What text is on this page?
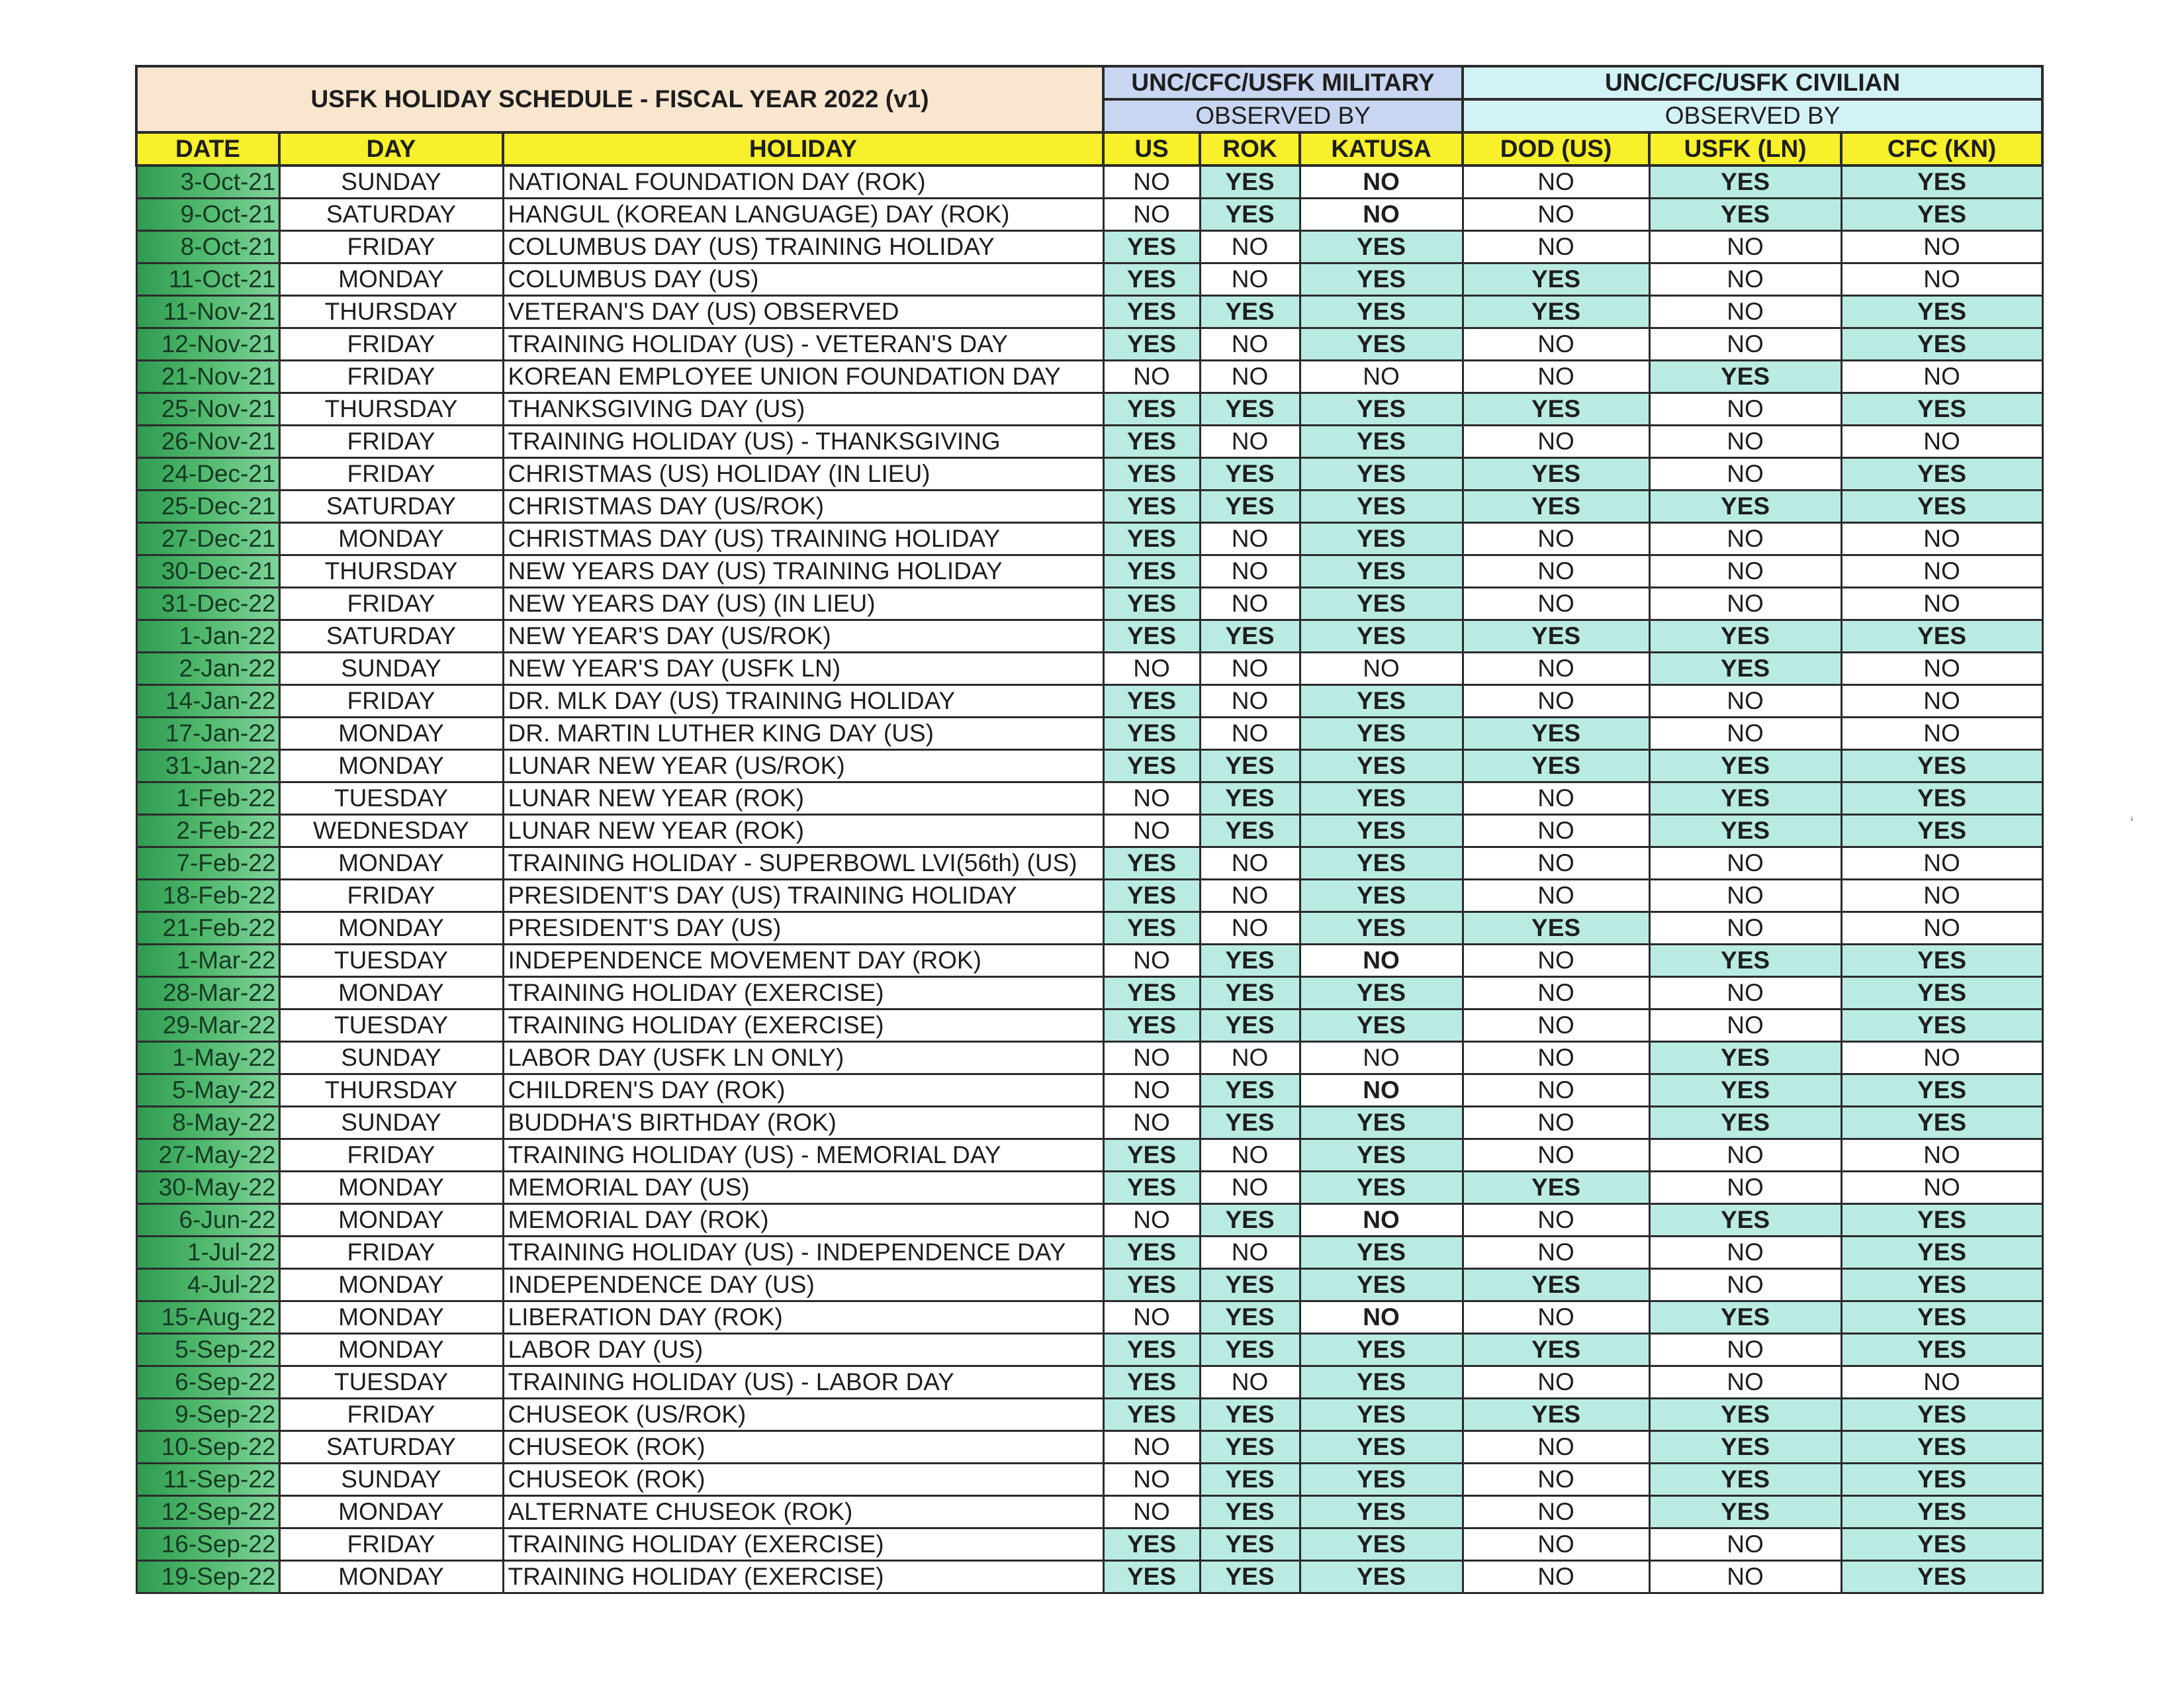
USFK HOLIDAY SCHEDULE - FISCAL YEAR 2022 (v1)			UNC/CFC/USFK MILITARY			UNC/CFC/USFK CIVILIAN		
			OBSERVED BY			OBSERVED BY		
DATE	DAY	HOLIDAY	US	ROK	KATUSA	DOD (US)	USFK (LN)	CFC (KN)
3-Oct-21	SUNDAY	NATIONAL FOUNDATION DAY (ROK)	NO	YES	NO	NO	YES	YES
9-Oct-21	SATURDAY	HANGUL (KOREAN LANGUAGE) DAY (ROK)	NO	YES	NO	NO	YES	YES
8-Oct-21	FRIDAY	COLUMBUS DAY (US) TRAINING HOLIDAY	YES	NO	YES	NO	NO	NO
11-Oct-21	MONDAY	COLUMBUS DAY (US)	YES	NO	YES	YES	NO	NO
11-Nov-21	THURSDAY	VETERAN'S DAY (US) OBSERVED	YES	YES	YES	YES	NO	YES
12-Nov-21	FRIDAY	TRAINING HOLIDAY (US) - VETERAN'S DAY	YES	NO	YES	NO	NO	YES
21-Nov-21	FRIDAY	KOREAN EMPLOYEE UNION FOUNDATION DAY	NO	NO	NO	NO	YES	NO
25-Nov-21	THURSDAY	THANKSGIVING DAY (US)	YES	YES	YES	YES	NO	YES
26-Nov-21	FRIDAY	TRAINING HOLIDAY (US) - THANKSGIVING	YES	NO	YES	NO	NO	NO
24-Dec-21	FRIDAY	CHRISTMAS (US) HOLIDAY (IN LIEU)	YES	YES	YES	YES	NO	YES
25-Dec-21	SATURDAY	CHRISTMAS DAY (US/ROK)	YES	YES	YES	YES	YES	YES
27-Dec-21	MONDAY	CHRISTMAS DAY (US) TRAINING HOLIDAY	YES	NO	YES	NO	NO	NO
30-Dec-21	THURSDAY	NEW YEARS DAY (US) TRAINING HOLIDAY	YES	NO	YES	NO	NO	NO
31-Dec-22	FRIDAY	NEW YEARS DAY (US) (IN LIEU)	YES	NO	YES	NO	NO	NO
1-Jan-22	SATURDAY	NEW YEAR'S DAY (US/ROK)	YES	YES	YES	YES	YES	YES
2-Jan-22	SUNDAY	NEW YEAR'S DAY (USFK LN)	NO	NO	NO	NO	YES	NO
14-Jan-22	FRIDAY	DR. MLK DAY (US) TRAINING HOLIDAY	YES	NO	YES	NO	NO	NO
17-Jan-22	MONDAY	DR. MARTIN LUTHER KING DAY (US)	YES	NO	YES	YES	NO	NO
31-Jan-22	MONDAY	LUNAR NEW YEAR (US/ROK)	YES	YES	YES	YES	YES	YES
1-Feb-22	TUESDAY	LUNAR NEW YEAR (ROK)	NO	YES	YES	NO	YES	YES
2-Feb-22	WEDNESDAY	LUNAR NEW YEAR (ROK)	NO	YES	YES	NO	YES	YES
7-Feb-22	MONDAY	TRAINING HOLIDAY - SUPERBOWL LVI(56th) (US)	YES	NO	YES	NO	NO	NO
18-Feb-22	FRIDAY	PRESIDENT'S DAY (US) TRAINING HOLIDAY	YES	NO	YES	NO	NO	NO
21-Feb-22	MONDAY	PRESIDENT'S DAY (US)	YES	NO	YES	YES	NO	NO
1-Mar-22	TUESDAY	INDEPENDENCE MOVEMENT DAY (ROK)	NO	YES	NO	NO	YES	YES
28-Mar-22	MONDAY	TRAINING HOLIDAY (EXERCISE)	YES	YES	YES	NO	NO	YES
29-Mar-22	TUESDAY	TRAINING HOLIDAY (EXERCISE)	YES	YES	YES	NO	NO	YES
1-May-22	SUNDAY	LABOR DAY (USFK LN ONLY)	NO	NO	NO	NO	YES	NO
5-May-22	THURSDAY	CHILDREN'S DAY (ROK)	NO	YES	NO	NO	YES	YES
8-May-22	SUNDAY	BUDDHA'S BIRTHDAY (ROK)	NO	YES	YES	NO	YES	YES
27-May-22	FRIDAY	TRAINING HOLIDAY (US) - MEMORIAL DAY	YES	NO	YES	NO	NO	NO
30-May-22	MONDAY	MEMORIAL DAY (US)	YES	NO	YES	YES	NO	NO
6-Jun-22	MONDAY	MEMORIAL DAY (ROK)	NO	YES	NO	NO	YES	YES
1-Jul-22	FRIDAY	TRAINING HOLIDAY (US) - INDEPENDENCE DAY	YES	NO	YES	NO	NO	YES
4-Jul-22	MONDAY	INDEPENDENCE DAY (US)	YES	YES	YES	YES	NO	YES
15-Aug-22	MONDAY	LIBERATION DAY (ROK)	NO	YES	NO	NO	YES	YES
5-Sep-22	MONDAY	LABOR DAY (US)	YES	YES	YES	YES	NO	YES
6-Sep-22	TUESDAY	TRAINING HOLIDAY (US) - LABOR DAY	YES	NO	YES	NO	NO	NO
9-Sep-22	FRIDAY	CHUSEOK (US/ROK)	YES	YES	YES	YES	YES	YES
10-Sep-22	SATURDAY	CHUSEOK (ROK)	NO	YES	YES	NO	YES	YES
11-Sep-22	SUNDAY	CHUSEOK (ROK)	NO	YES	YES	NO	YES	YES
12-Sep-22	MONDAY	ALTERNATE CHUSEOK (ROK)	NO	YES	YES	NO	YES	YES
16-Sep-22	FRIDAY	TRAINING HOLIDAY (EXERCISE)	YES	YES	YES	NO	NO	YES
19-Sep-22	MONDAY	TRAINING HOLIDAY (EXERCISE)	YES	YES	YES	NO	NO	YES
‘
